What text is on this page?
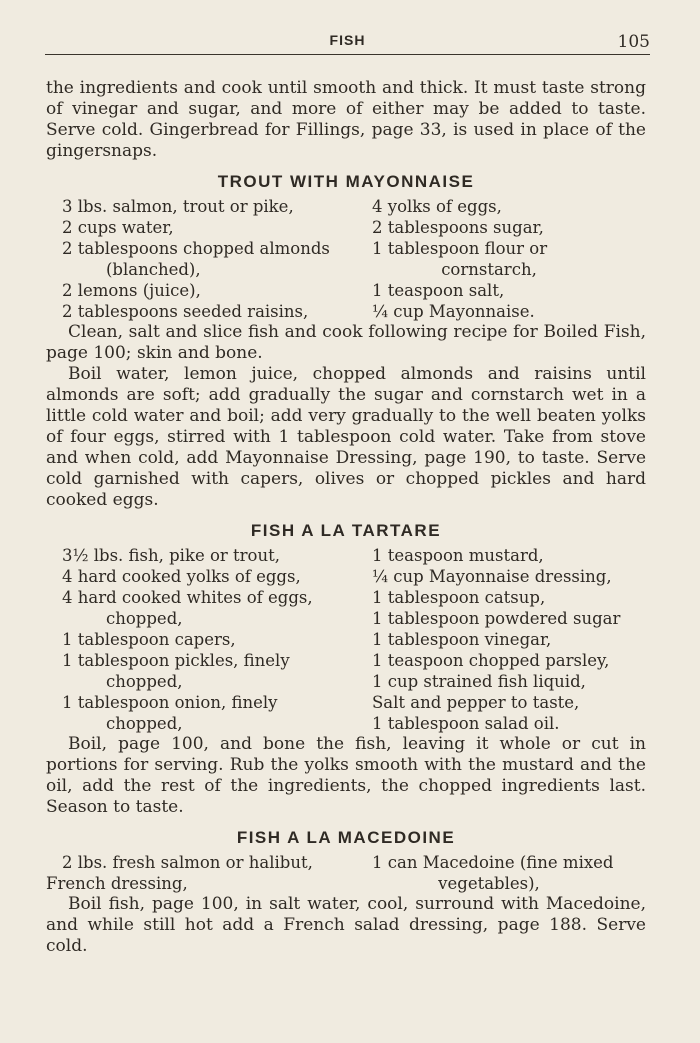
FISH	105

the ingredients and cook until smooth and thick. It must taste strong of vinegar and sugar, and more of either may be added to taste. Serve cold. Gingerbread for Fillings, page 33, is used in place of the gingersnaps.

TROUT WITH MAYONNAISE
3 lbs. salmon, trout or pike,
2 cups water,
2 tablespoons chopped almonds
(blanched),
2 lemons (juice),
2 tablespoons seeded raisins,
4 yolks of eggs,
2 tablespoons sugar,
1 tablespoon flour or
cornstarch,
1 teaspoon salt,
¼ cup Mayonnaise.

Clean, salt and slice fish and cook following recipe for Boiled Fish, page 100; skin and bone.

Boil water, lemon juice, chopped almonds and raisins until almonds are soft; add gradually the sugar and cornstarch wet in a little cold water and boil; add very gradually to the well beaten yolks of four eggs, stirred with 1 tablespoon cold water. Take from stove and when cold, add Mayonnaise Dressing, page 190, to taste. Serve cold garnished with capers, olives or chopped pickles and hard cooked eggs.

FISH A LA TARTARE
3½ lbs. fish, pike or trout,
4 hard cooked yolks of eggs,
4 hard cooked whites of eggs,
chopped,
1 tablespoon capers,
1 tablespoon pickles, finely
chopped,
1 tablespoon onion, finely
chopped,
1 teaspoon mustard,
¼ cup Mayonnaise dressing,
1 tablespoon catsup,
1 tablespoon powdered sugar
1 tablespoon vinegar,
1 teaspoon chopped parsley,
1 cup strained fish liquid,
Salt and pepper to taste,
1 tablespoon salad oil.

Boil, page 100, and bone the fish, leaving it whole or cut in portions for serving. Rub the yolks smooth with the mustard and the oil, add the rest of the ingredients, the chopped ingredients last. Season to taste.

FISH A LA MACEDOINE
2 lbs. fresh salmon or halibut,
French dressing,
1 can Macedoine (fine mixed
vegetables),

Boil fish, page 100, in salt water, cool, surround with Macedoine, and while still hot add a French salad dressing, page 188. Serve cold.
